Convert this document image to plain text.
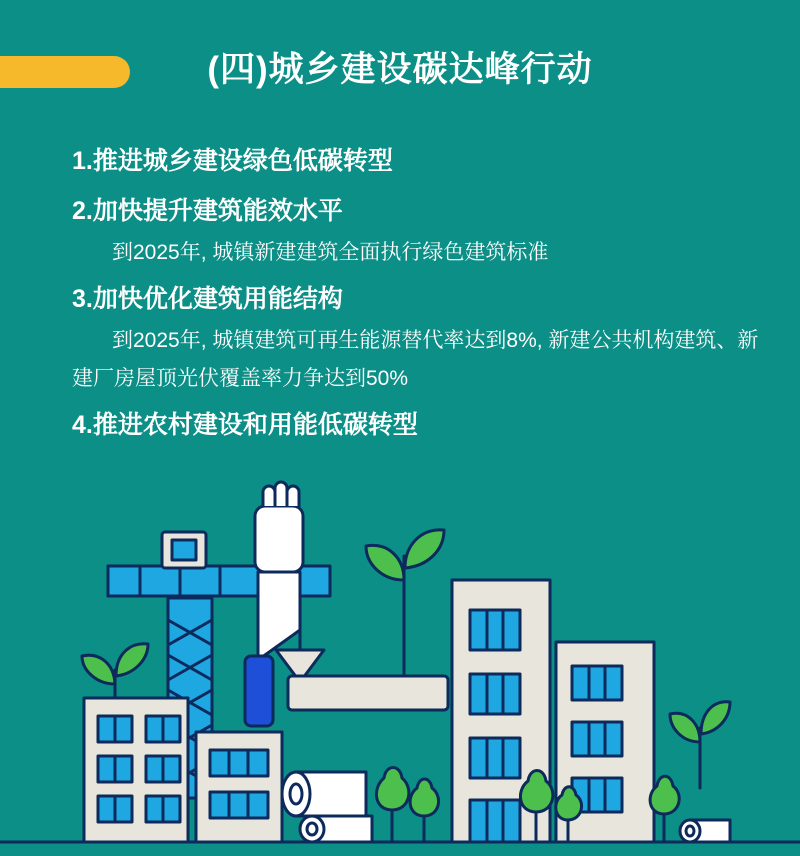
(四)城乡建设碳达峰行动
1.推进城乡建设绿色低碳转型
2.加快提升建筑能效水平
到2025年, 城镇新建建筑全面执行绿色建筑标准
3.加快优化建筑用能结构
到2025年, 城镇建筑可再生能源替代率达到8%, 新建公共机构建筑、新建厂房屋顶光伏覆盖率力争达到50%
4.推进农村建设和用能低碳转型
